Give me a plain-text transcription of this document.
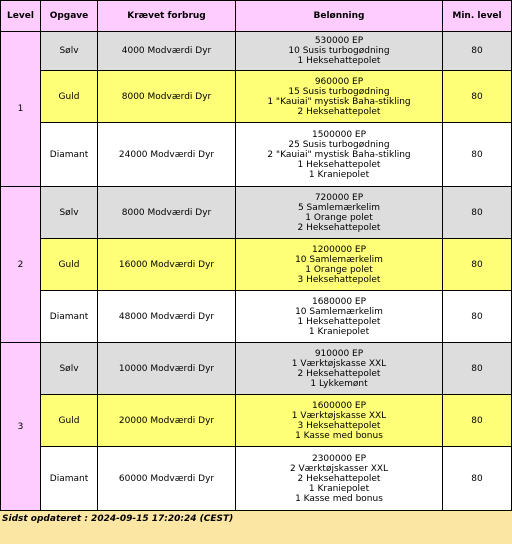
Level	Opgave	Krævet forbrug	Belønning	Min. level
1	Sølv	4000 Modværdi Dyr	530000 EP
10 Susis turbogødning
1 Heksehattepolet	80
	Guld	8000 Modværdi Dyr	960000 EP
15 Susis turbogødning
1 "Kauiai" mystisk Baha-stikling
2 Heksehattepolet	80
	Diamant	24000 Modværdi Dyr	1500000 EP
25 Susis turbogødning
2 "Kauiai" mystisk Baha-stikling
1 Heksehattepolet
1 Kraniepolet	80
2	Sølv	8000 Modværdi Dyr	720000 EP
5 Samlemærkelim
1 Orange polet
2 Heksehattepolet	80
	Guld	16000 Modværdi Dyr	1200000 EP
10 Samlemærkelim
1 Orange polet
3 Heksehattepolet	80
	Diamant	48000 Modværdi Dyr	1680000 EP
10 Samlemærkelim
1 Heksehattepolet
1 Kraniepolet	80
3	Sølv	10000 Modværdi Dyr	910000 EP
1 Værktøjskasse XXL
2 Heksehattepolet
1 Lykkemønt	80
	Guld	20000 Modværdi Dyr	1600000 EP
1 Værktøjskasse XXL
3 Heksehattepolet
1 Kasse med bonus	80
	Diamant	60000 Modværdi Dyr	2300000 EP
2 Værktøjskasser XXL
2 Heksehattepolet
1 Kraniepolet
1 Kasse med bonus	80
Sidst opdateret : 2024-09-15 17:20:24 (CEST)
